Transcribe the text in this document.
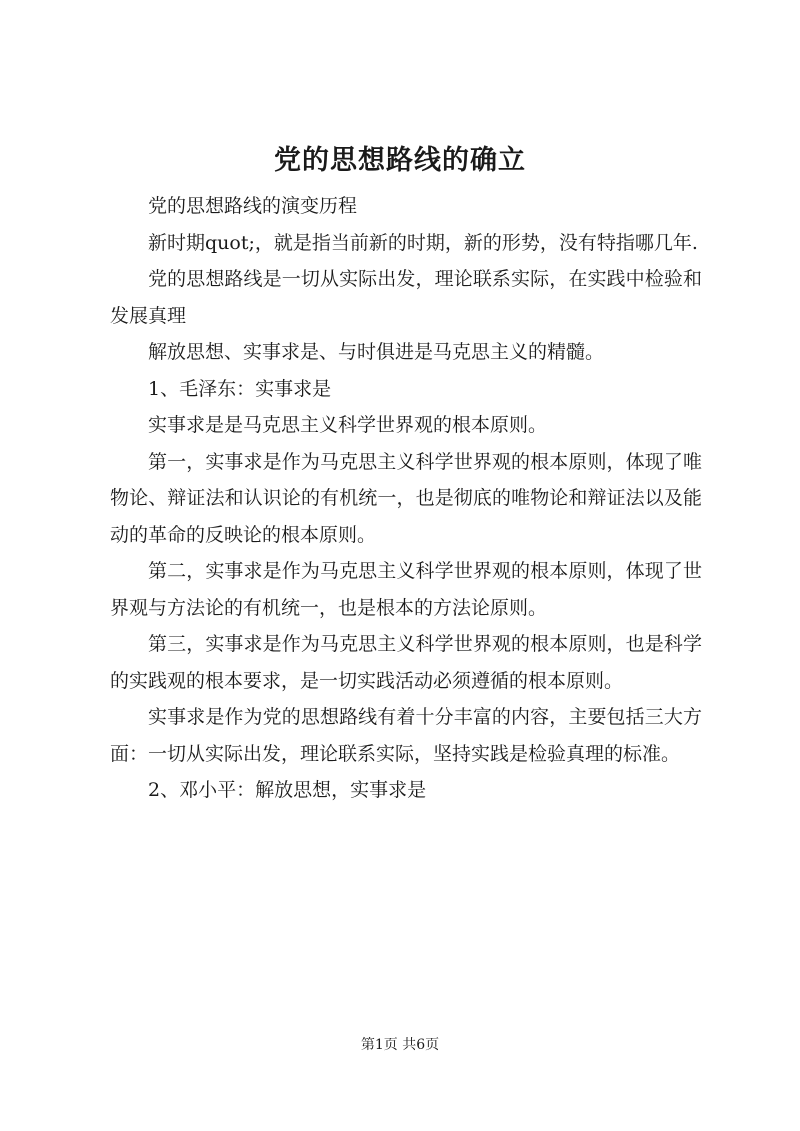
党的思想路线的确立

党的思想路线的演变历程

新时期quot;，就是指当前新的时期，新的形势，没有特指哪几年.

党的思想路线是一切从实际出发，理论联系实际，在实践中检验和发展真理

解放思想、实事求是、与时俱进是马克思主义的精髓。

1、毛泽东：实事求是

实事求是是马克思主义科学世界观的根本原则。

第一，实事求是作为马克思主义科学世界观的根本原则，体现了唯物论、辩证法和认识论的有机统一，也是彻底的唯物论和辩证法以及能动的革命的反映论的根本原则。

第二，实事求是作为马克思主义科学世界观的根本原则，体现了世界观与方法论的有机统一，也是根本的方法论原则。

第三，实事求是作为马克思主义科学世界观的根本原则，也是科学的实践观的根本要求，是一切实践活动必须遵循的根本原则。

实事求是作为党的思想路线有着十分丰富的内容，主要包括三大方面：一切从实际出发，理论联系实际，坚持实践是检验真理的标准。

2、邓小平：解放思想，实事求是

第1页 共6页
